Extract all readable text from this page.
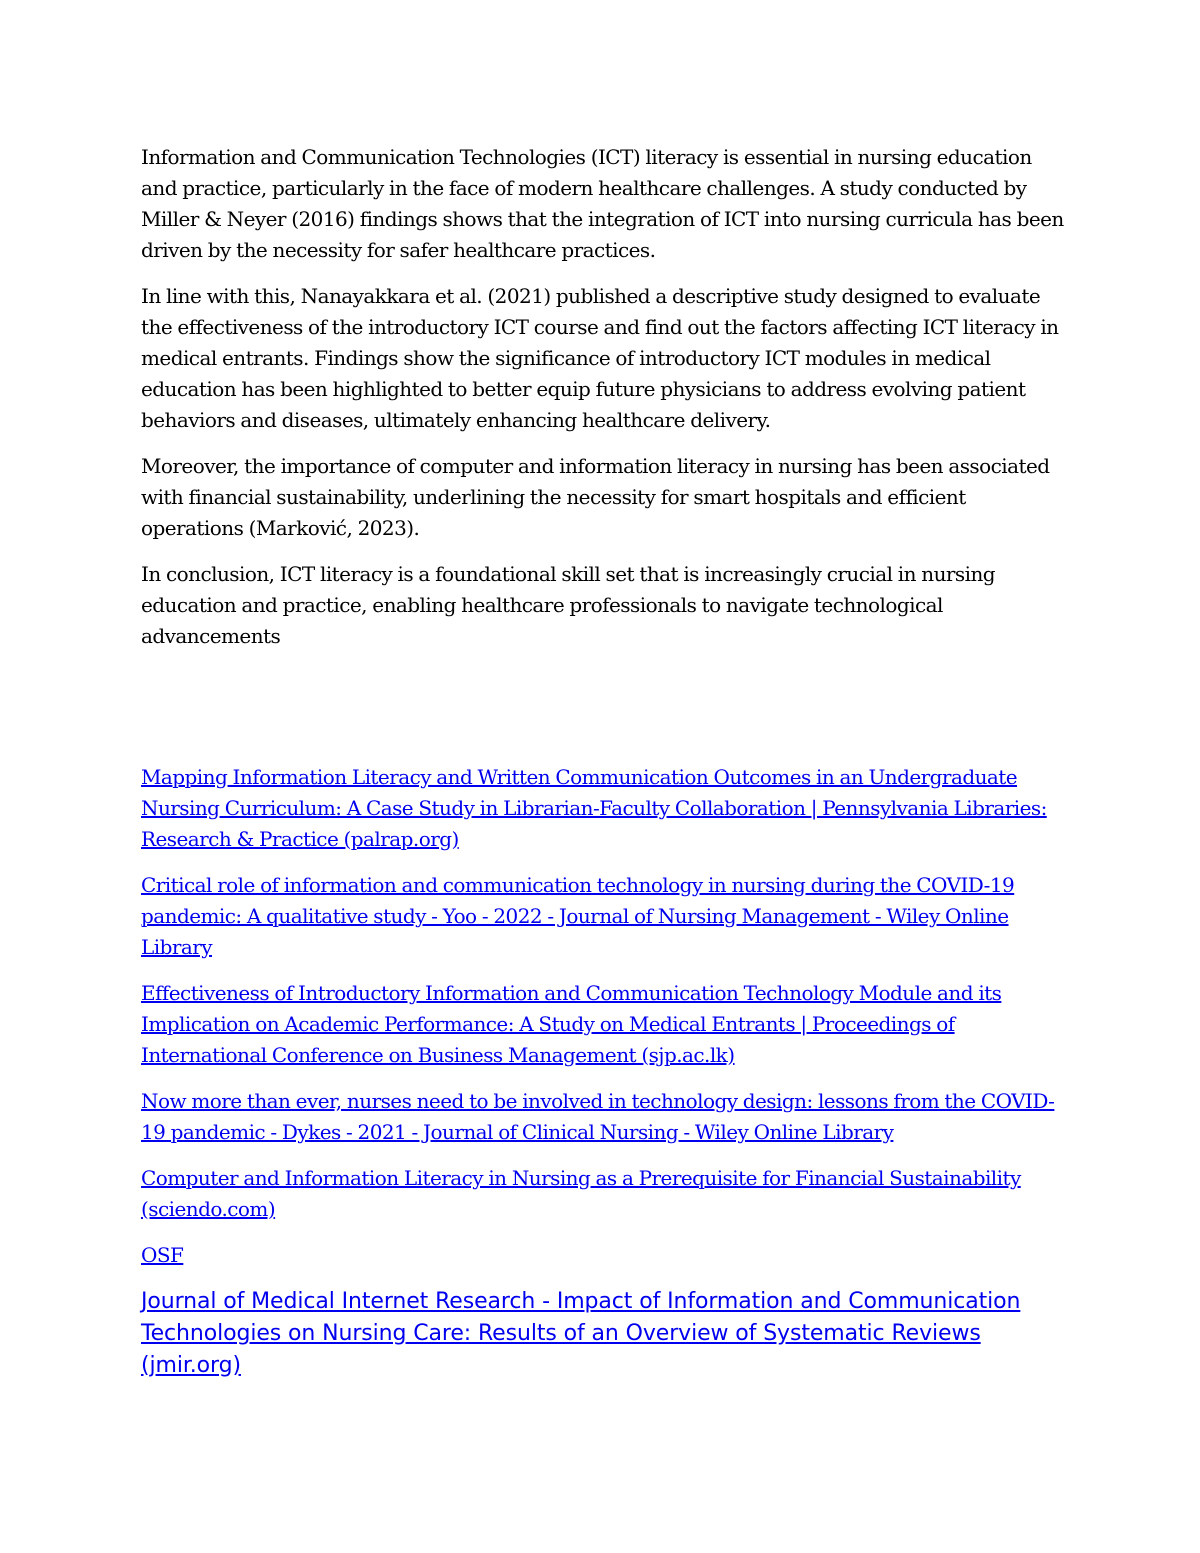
Information and Communication Technologies (ICT) literacy is essential in nursing education and practice, particularly in the face of modern healthcare challenges. A study conducted by Miller & Neyer (2016) findings shows that the integration of ICT into nursing curricula has been driven by the necessity for safer healthcare practices.

In line with this, Nanayakkara et al. (2021) published a descriptive study designed to evaluate the effectiveness of the introductory ICT course and find out the factors affecting ICT literacy in medical entrants. Findings show the significance of introductory ICT modules in medical education has been highlighted to better equip future physicians to address evolving patient behaviors and diseases, ultimately enhancing healthcare delivery.

Moreover, the importance of computer and information literacy in nursing has been associated with financial sustainability, underlining the necessity for smart hospitals and efficient operations (Marković, 2023).

In conclusion, ICT literacy is a foundational skill set that is increasingly crucial in nursing education and practice, enabling healthcare professionals to navigate technological advancements

Mapping Information Literacy and Written Communication Outcomes in an Undergraduate Nursing Curriculum: A Case Study in Librarian-Faculty Collaboration | Pennsylvania Libraries: Research & Practice (palrap.org)
Critical role of information and communication technology in nursing during the COVID-19 pandemic: A qualitative study - Yoo - 2022 - Journal of Nursing Management - Wiley Online Library
Effectiveness of Introductory Information and Communication Technology Module and its Implication on Academic Performance: A Study on Medical Entrants | Proceedings of International Conference on Business Management (sjp.ac.lk)
Now more than ever, nurses need to be involved in technology design: lessons from the COVID-19 pandemic - Dykes - 2021 - Journal of Clinical Nursing - Wiley Online Library
Computer and Information Literacy in Nursing as a Prerequisite for Financial Sustainability (sciendo.com)
OSF
Journal of Medical Internet Research - Impact of Information and Communication Technologies on Nursing Care: Results of an Overview of Systematic Reviews (jmir.org)
